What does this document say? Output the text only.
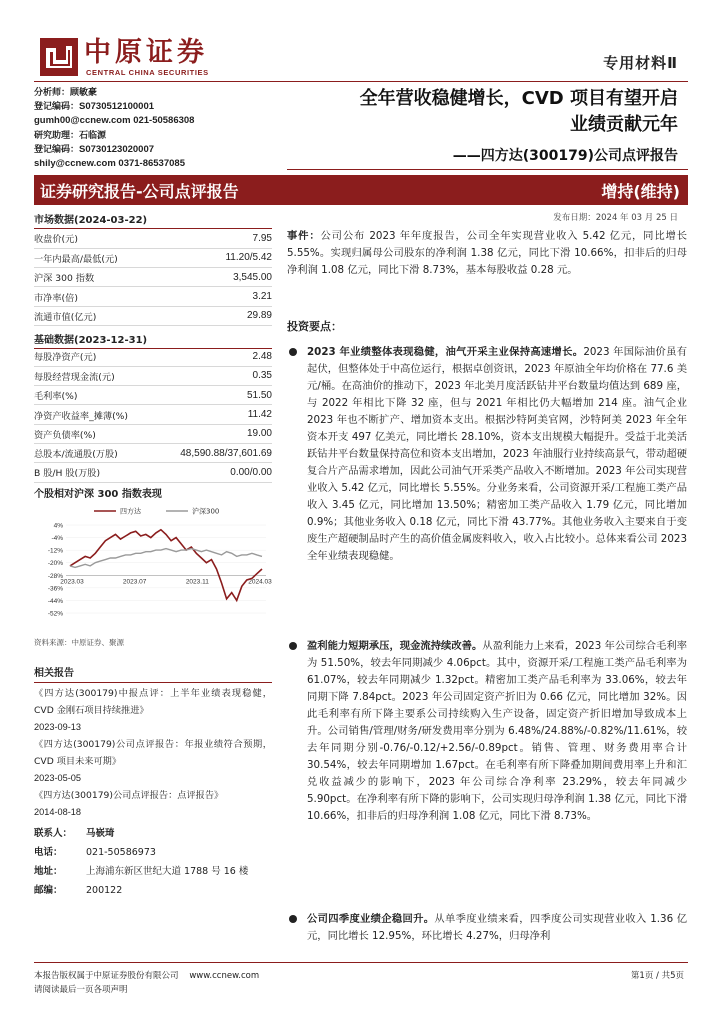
中原证券
CENTRAL CHINA SECURITIES
专用材料Ⅱ
分析师：顾敏豪
登记编码：S0730512100001
gumh00@ccnew.com 021-50586308
研究助理：石临源
登记编码：S0730123020007
shily@ccnew.com 0371-86537085
全年营收稳健增长，CVD 项目有望开启
业绩贡献元年
——四方达(300179)公司点评报告
证券研究报告-公司点评报告	增持(维持)
市场数据(2024-03-22)
收盘价(元)	7.95
一年内最高/最低(元)	11.20/5.42
沪深 300 指数	3,545.00
市净率(倍)	3.21
流通市值(亿元)	29.89
基础数据(2023-12-31)
每股净资产(元)	2.48
每股经营现金流(元)	0.35
毛利率(%)	51.50
净资产收益率_摊薄(%)	11.42
资产负债率(%)	19.00
总股本/流通股(万股)	48,590.88/37,601.69
B 股/H 股(万股)	0.00/0.00
个股相对沪深 300 指数表现
4%
-4%
-12%
-20%
-28%
-36%
-44%
-52%
2023.03	2023.07	2023.11	2024.03
四方达	沪深300
资料来源：中原证券、聚源
相关报告
《四方达(300179)中报点评：上半年业绩表现稳健， CVD 金刚石项目持续推进》
2023-09-13
《四方达(300179)公司点评报告：年报业绩符合预期，CVD 项目未来可期》
2023-05-05
《四方达(300179)公司点评报告：点评报告》
2014-08-18
联系人：	马嵚琦
电话：	021-50586973
地址：	上海浦东新区世纪大道 1788 号 16 楼
邮编：	200122
发布日期：2024 年 03 月 25 日
事件：公司公布 2023 年年度报告，公司全年实现营业收入 5.42 亿元，同比增长 5.55%。实现归属母公司股东的净利润 1.38 亿元，同比下滑 10.66%，扣非后的归母净利润 1.08 亿元，同比下滑 8.73%，基本每股收益 0.28 元。
投资要点：
2023 年业绩整体表现稳健，油气开采主业保持高速增长。2023 年国际油价虽有起伏，但整体处于中高位运行，根据卓创资讯，2023 年原油全年均价格在 77.6 美元/桶。在高油价的推动下，2023 年北美月度活跃钻井平台数量均值达到 689 座，与 2022 年相比下降 32 座，但与 2021 年相比仍大幅增加 214 座。油气企业 2023 年也不断扩产、增加资本支出。根据沙特阿美官网，沙特阿美 2023 年全年资本开支 497 亿美元，同比增长 28.10%，资本支出规模大幅提升。受益于北美活跃钻井平台数量保持高位和资本支出增加，2023 年油服行业持续高景气，带动超硬复合片产品需求增加，因此公司油气开采类产品收入不断增加。2023 年公司实现营业收入 5.42 亿元，同比增长 5.55%。分业务来看，公司资源开采/工程施工类产品收入 3.45 亿元，同比增加 13.50%；精密加工类产品收入 1.79 亿元，同比增加 0.9%；其他业务收入 0.18 亿元，同比下滑 43.77%。其他业务收入主要来自于变废生产超硬制品时产生的高价值金属废料收入，收入占比较小。总体来看公司 2023 全年业绩表现稳健。
盈利能力短期承压，现金流持续改善。从盈利能力上来看，2023 年公司综合毛利率为 51.50%，较去年同期减少 4.06pct。其中，资源开采/工程施工类产品毛利率为 61.07%，较去年同期减少 1.32pct。精密加工类产品毛利率为 33.06%，较去年同期下降 7.84pct。2023 年公司固定资产折旧为 0.66 亿元，同比增加 32%。因此毛利率有所下降主要系公司持续购入生产设备，固定资产折旧增加导致成本上升。公司销售/管理/财务/研发费用率分别为 6.48%/24.88%/-0.82%/11.61%，较去年同期分别-0.76/-0.12/+2.56/-0.89pct。销售、管理、财务费用率合计 30.54%，较去年同期增加 1.67pct。在毛利率有所下降叠加期间费用率上升和汇兑收益减少的影响下，2023 年公司综合净利率 23.29%，较去年同减少 5.90pct。在净利率有所下降的影响下，公司实现归母净利润 1.38 亿元，同比下滑 10.66%，扣非后的归母净利润 1.08 亿元，同比下滑 8.73%。
公司四季度业绩企稳回升。从单季度业绩来看，四季度公司实现营业收入 1.36 亿元，同比增长 12.95%，环比增长 4.27%，归母净利
本报告版权属于中原证券股份有限公司 www.ccnew.com
请阅读最后一页各项声明
第1页 / 共5页
